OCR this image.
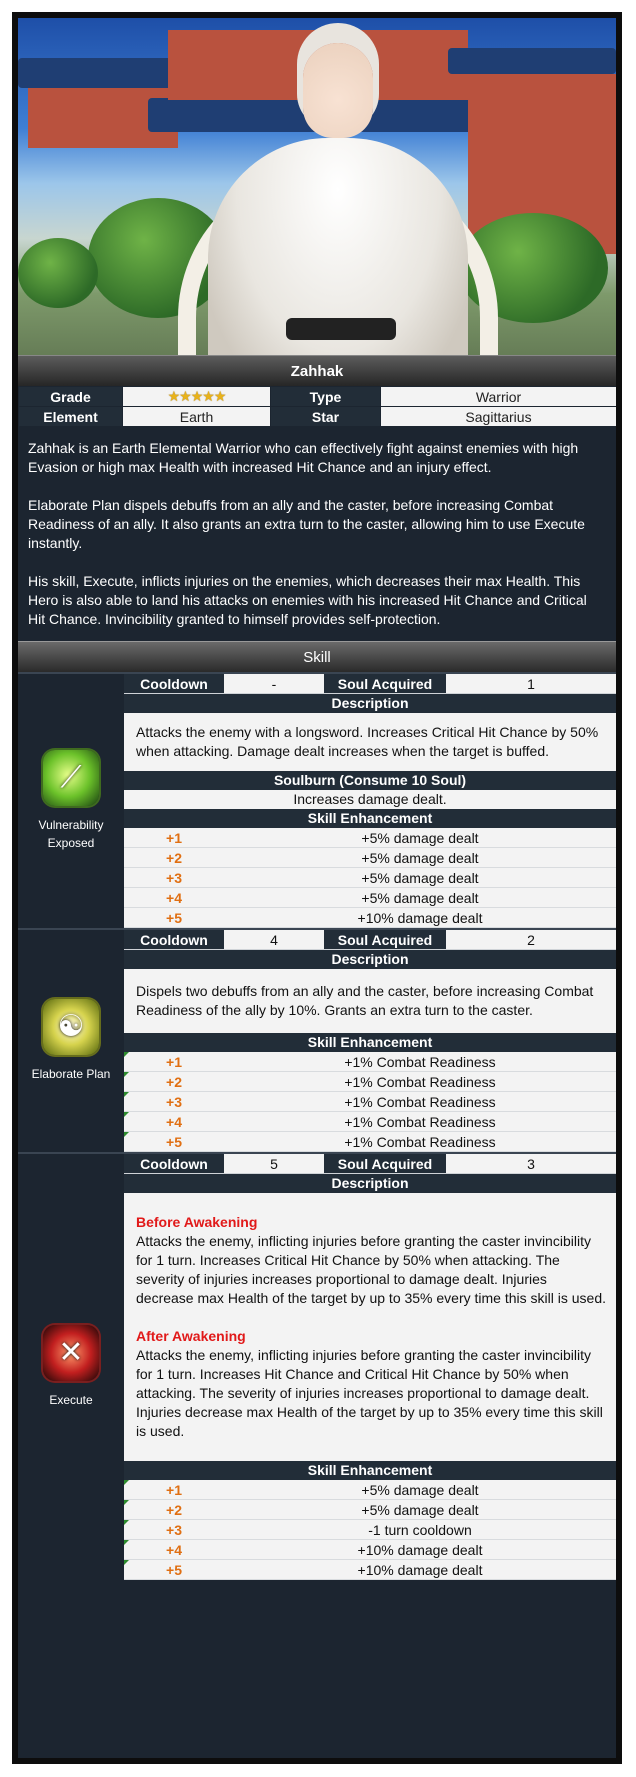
Zahhak
Grade	★★★★★	Type	Warrior
Element	Earth	Star	Sagittarius

Zahhak is an Earth Elemental Warrior who can effectively fight against enemies with high Evasion or high max Health with increased Hit Chance and an injury effect.

Elaborate Plan dispels debuffs from an ally and the caster, before increasing Combat Readiness of an ally. It also grants an extra turn to the caster, allowing him to use Execute instantly.

His skill, Execute, inflicts injuries on the enemies, which decreases their max Health. This Hero is also able to land his attacks on enemies with his increased Hit Chance and Critical Hit Chance. Invincibility granted to himself provides self-protection.

Skill
⟋
Vulnerability Exposed
Cooldown	-	Soul Acquired	1
Description
Attacks the enemy with a longsword. Increases Critical Hit Chance by 50% when attacking. Damage dealt increases when the target is buffed.
Soulburn (Consume 10 Soul)
Increases damage dealt.
Skill Enhancement
+1	+5% damage dealt
+2	+5% damage dealt
+3	+5% damage dealt
+4	+5% damage dealt
+5	+10% damage dealt
☯
Elaborate Plan
Cooldown	4	Soul Acquired	2
Description
Dispels two debuffs from an ally and the caster, before increasing Combat Readiness of the ally by 10%. Grants an extra turn to the caster.
Skill Enhancement
+1	+1% Combat Readiness
+2	+1% Combat Readiness
+3	+1% Combat Readiness
+4	+1% Combat Readiness
+5	+1% Combat Readiness
✕
Execute
Cooldown	5	Soul Acquired	3
Description
Before Awakening
Attacks the enemy, inflicting injuries before granting the caster invincibility for 1 turn. Increases Critical Hit Chance by 50% when attacking. The severity of injuries increases proportional to damage dealt. Injuries decrease max Health of the target by up to 35% every time this skill is used.
After Awakening
Attacks the enemy, inflicting injuries before granting the caster invincibility for 1 turn. Increases Hit Chance and Critical Hit Chance by 50% when attacking. The severity of injuries increases proportional to damage dealt. Injuries decrease max Health of the target by up to 35% every time this skill is used.
Skill Enhancement
+1	+5% damage dealt
+2	+5% damage dealt
+3	-1 turn cooldown
+4	+10% damage dealt
+5	+10% damage dealt
